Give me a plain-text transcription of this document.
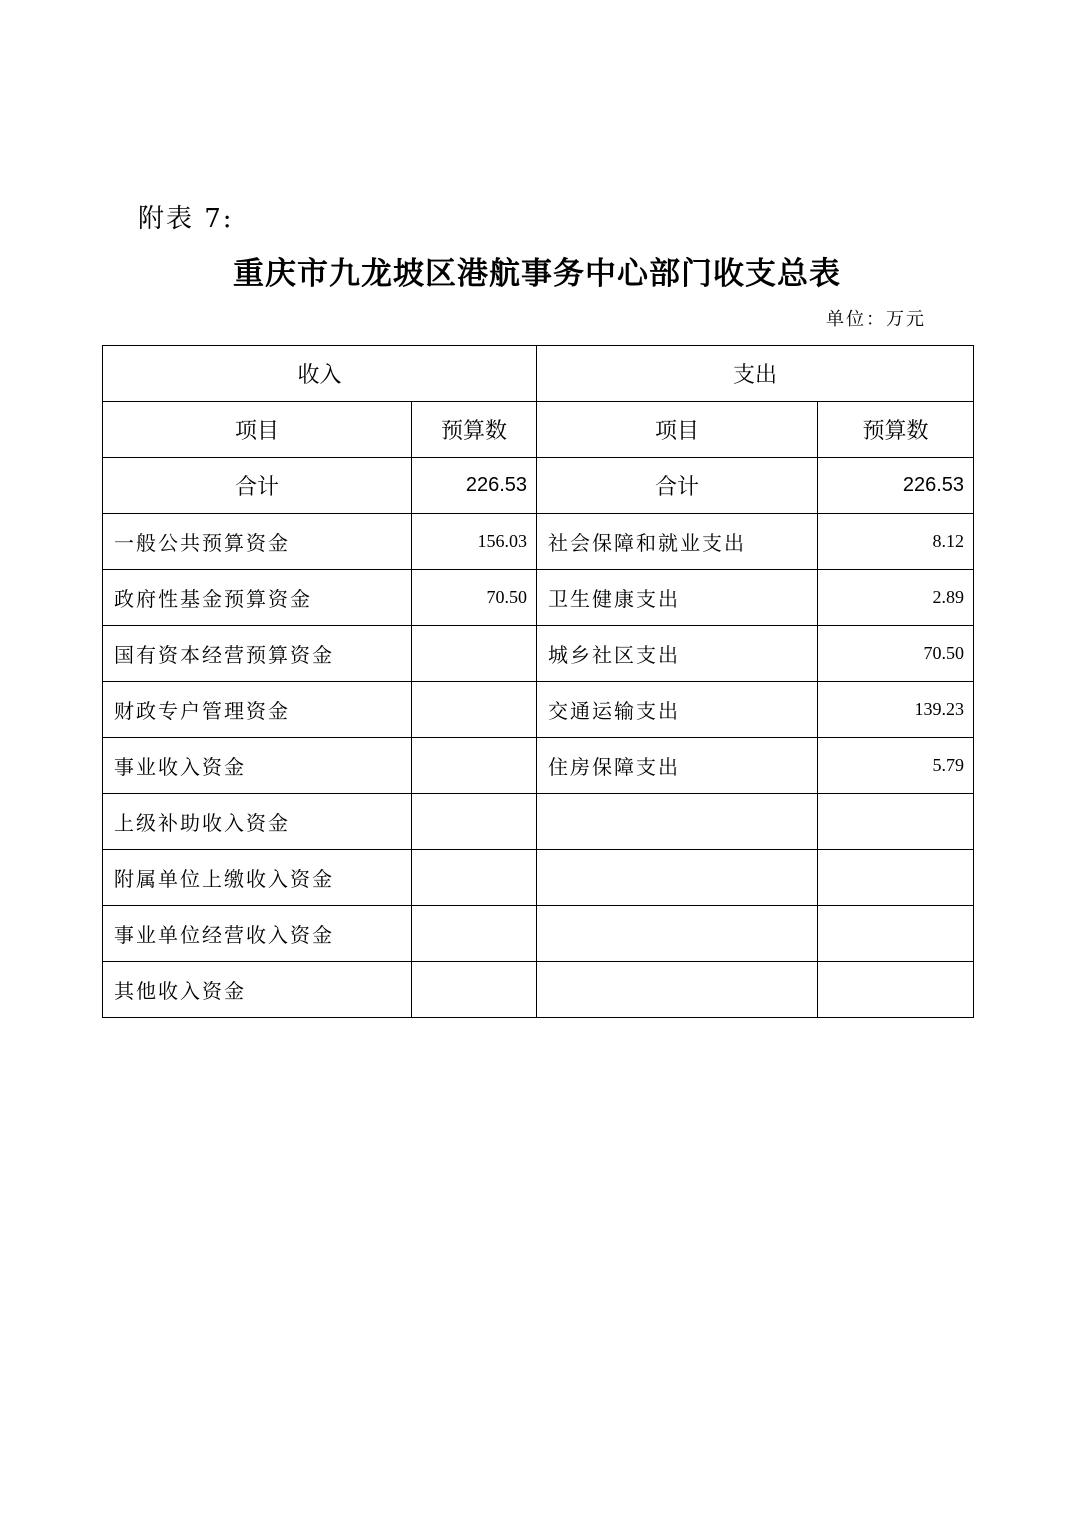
附表 7:
重庆市九龙坡区港航事务中心部门收支总表
单位：万元
收入		支出	
项目	预算数	项目	预算数
合计	226.53	合计	226.53
一般公共预算资金	156.03	社会保障和就业支出	8.12
政府性基金预算资金	70.50	卫生健康支出	2.89
国有资本经营预算资金		城乡社区支出	70.50
财政专户管理资金		交通运输支出	139.23
事业收入资金		住房保障支出	5.79
上级补助收入资金			
附属单位上缴收入资金			
事业单位经营收入资金			
其他收入资金			
